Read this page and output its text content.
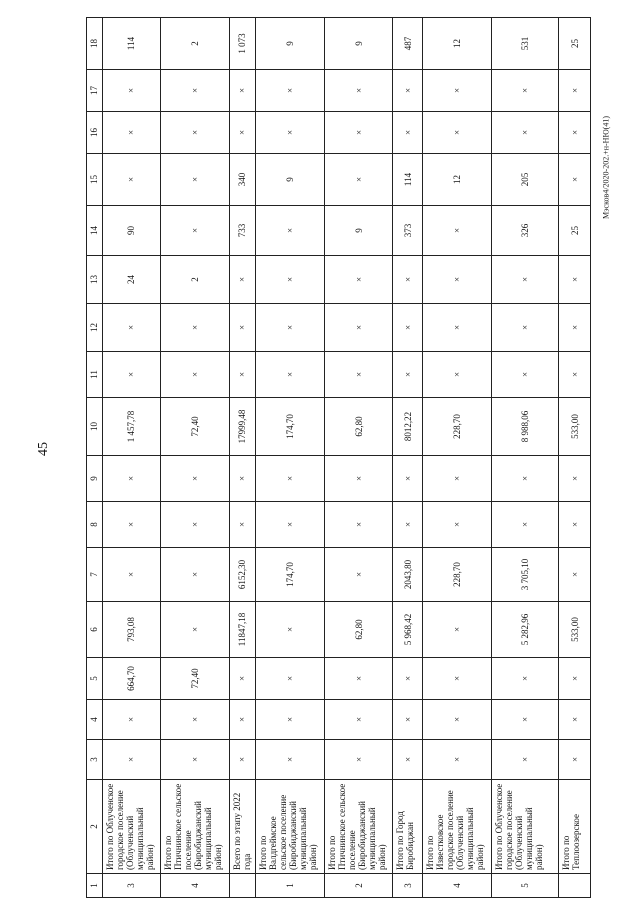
45
Мэсков4/2020-202.+н-НЮ(41)
1	2	3	4	5	6	7	8	9	10	11	12	13	14	15	16	17	18
3	Итого по Облученское городское поселение (Облученский муниципальный район)	×	×	664,70	793,08	×	×	×	1 457,78	×	×	24	90	×	×	×	114
4	Итого по Птичнинское сельское поселение (Биробиджанский муниципальный район)	×	×	72,40	×	×	×	×	72,40	×	×	2	×	×	×	×	2
	Всего по этапу 2022 года	×	×	×	11847,18	6152,30	×	×	17999,48	×	×	×	733	340	×	×	1 073
1	Итого по Валдгеймское сельское поселение (Биробиджанский муниципальный район)	×	×	×	×	174,70	×	×	174,70	×	×	×	×	9	×	×	9
2	Итого по Птичнинское сельское поселение (Биробиджанский муниципальный район)	×	×	×	62,80	×	×	×	62,80	×	×	×	9	×	×	×	9
3	Итого по Город Биробиджан	×	×	×	5 968,42	2043,80	×	×	8012,22	×	×	×	373	114	×	×	487
4	Итого по Известковское городское поселение (Облученский муниципальный район)	×	×	×	×	228,70	×	×	228,70	×	×	×	×	12	×	×	12
5	Итого по Облученское городское поселение (Облученский муниципальный район)	×	×	×	5 282,96	3 705,10	×	×	8 988,06	×	×	×	326	205	×	×	531
	Итого по Теплоозерское	×	×	×	533,00	×	×	×	533,00	×	×	×	25	×	×	×	25
